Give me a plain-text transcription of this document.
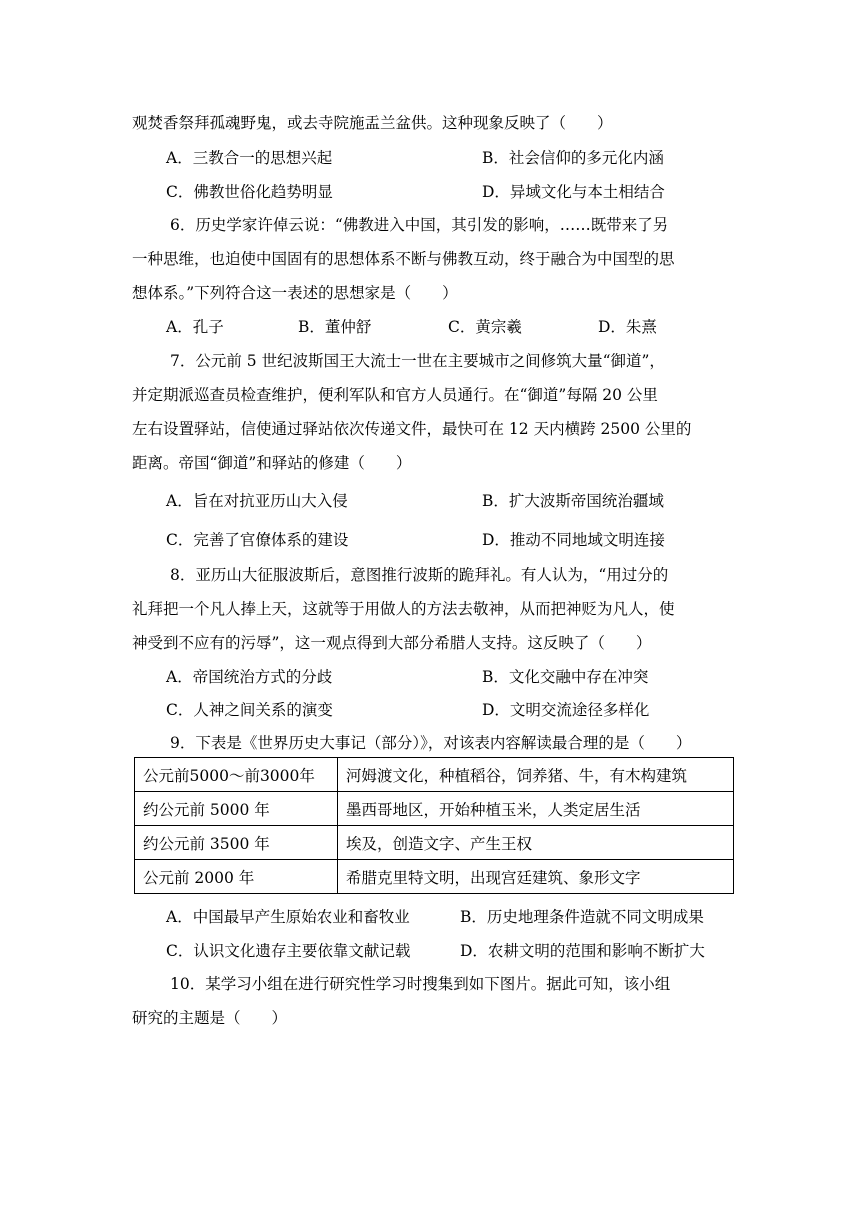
观焚香祭拜孤魂野鬼，或去寺院施盂兰盆供。这种现象反映了（　　）
A．三教合一的思想兴起	B．社会信仰的多元化内涵
C．佛教世俗化趋势明显	D．异域文化与本土相结合
6．历史学家许倬云说：“佛教进入中国，其引发的影响，……既带来了另
一种思维，也迫使中国固有的思想体系不断与佛教互动，终于融合为中国型的思
想体系。”下列符合这一表述的思想家是（　　）
A．孔子	B．董仲舒	C．黄宗羲	D．朱熹
7．公元前 5 世纪波斯国王大流士一世在主要城市之间修筑大量“御道”，
并定期派巡查员检查维护，便利军队和官方人员通行。在“御道”每隔 20 公里
左右设置驿站，信使通过驿站依次传递文件，最快可在 12 天内横跨 2500 公里的
距离。帝国“御道”和驿站的修建（　　）
A．旨在对抗亚历山大入侵	B．扩大波斯帝国统治疆域
C．完善了官僚体系的建设	D．推动不同地域文明连接
8．亚历山大征服波斯后，意图推行波斯的跪拜礼。有人认为，“用过分的
礼拜把一个凡人捧上天，这就等于用做人的方法去敬神，从而把神贬为凡人，使
神受到不应有的污辱”，这一观点得到大部分希腊人支持。这反映了（　　）
A．帝国统治方式的分歧	B．文化交融中存在冲突
C．人神之间关系的演变	D．文明交流途径多样化
9．下表是《世界历史大事记（部分）》，对该表内容解读最合理的是（　　）
公元前5000～前3000年	河姆渡文化，种植稻谷，饲养猪、牛，有木构建筑
约公元前 5000 年	墨西哥地区，开始种植玉米，人类定居生活
约公元前 3500 年	埃及，创造文字、产生王权
公元前 2000 年	希腊克里特文明，出现宫廷建筑、象形文字
A．中国最早产生原始农业和畜牧业	B．历史地理条件造就不同文明成果
C．认识文化遗存主要依靠文献记载	D．农耕文明的范围和影响不断扩大
10．某学习小组在进行研究性学习时搜集到如下图片。据此可知，该小组
研究的主题是（　　）
